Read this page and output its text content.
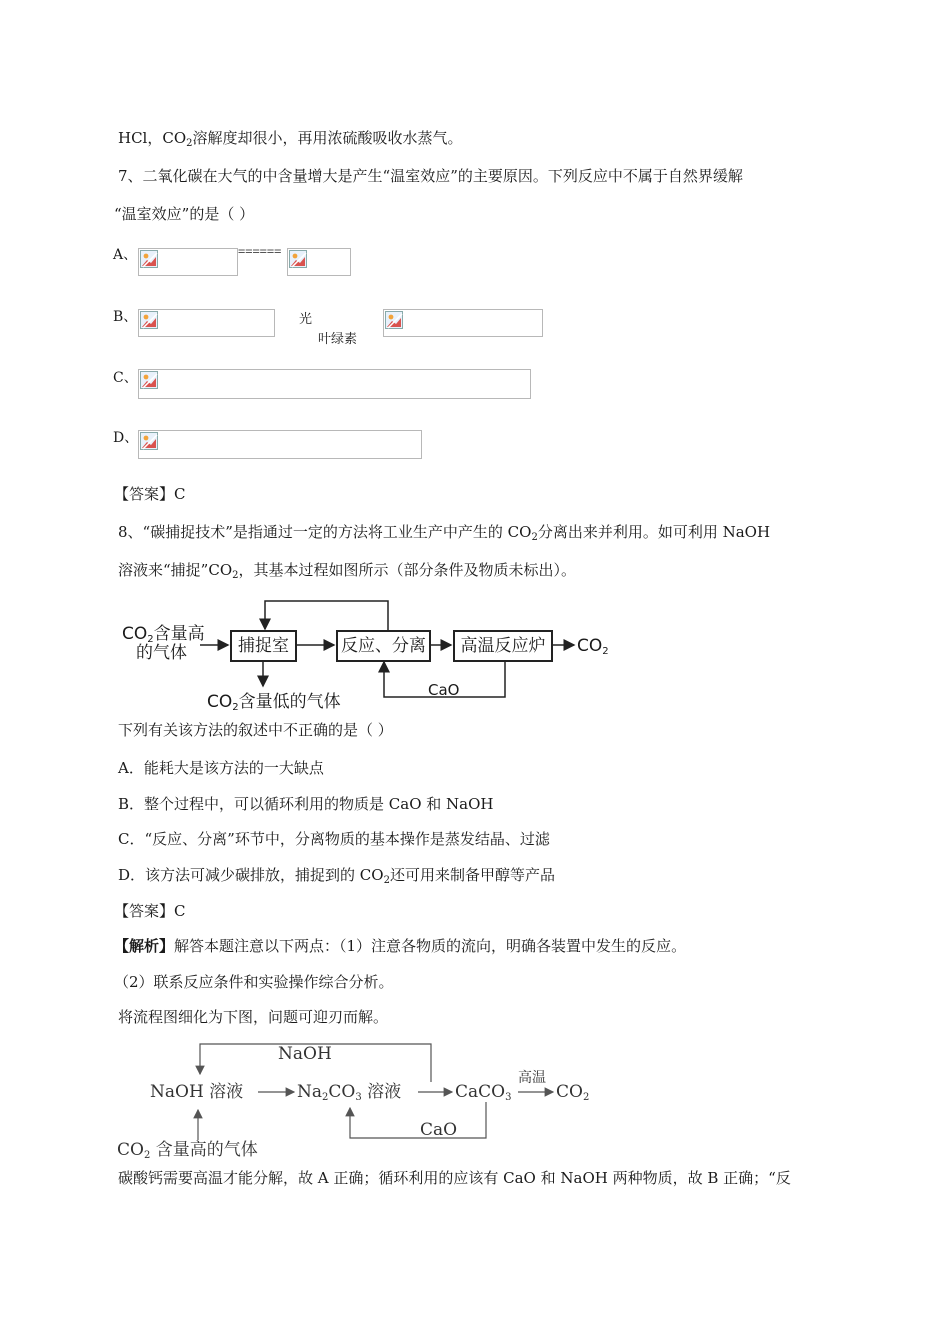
HCl，$CO_2$溶解度却很小，再用浓硫酸吸收水蒸气。
7、二氧化碳在大气的中含量增大是产生“温室效应”的主要原因。下列反应中不属于自然界缓解
“温室效应”的是（ ）
A、	======
B、	光
叶绿素
C、
D、
【答案】C
8、“碳捕捉技术”是指通过一定的方法将工业生产中产生的 $CO_2$分离出来并利用。如可利用 NaOH
溶液来“捕捉$”CO_2$，其基本过程如图所示（部分条件及物质未标出）。
$CO_2$含量高
的气体	捕捉室	反应、分离	高温反应炉	$CO_2$
$CO_2$含量低的气体
CaO
下列有关该方法的叙述中不正确的是（ ）
A．能耗大是该方法的一大缺点
B．整个过程中，可以循环利用的物质是 CaO 和 NaOH
C．“反应、分离”环节中，分离物质的基本操作是蒸发结晶、过滤
D．该方法可减少碳排放，捕捉到的 $CO_2$还可用来制备甲醇等产品
【答案】C
【解析】解答本题注意以下两点：（1）注意各物质的流向，明确各装置中发生的反应。
（2）联系反应条件和实验操作综合分析。
将流程图细化为下图，问题可迎刃而解。
NaOH
NaOH 溶液	$Na_2CO_3$ 溶液	CaCO$_3$
高温
$CO_2$
CaO
$CO_2$ 含量高的气体
碳酸钙需要高温才能分解，故 A 正确；循环利用的应该有 CaO 和 NaOH 两种物质，故 B 正确；“反
